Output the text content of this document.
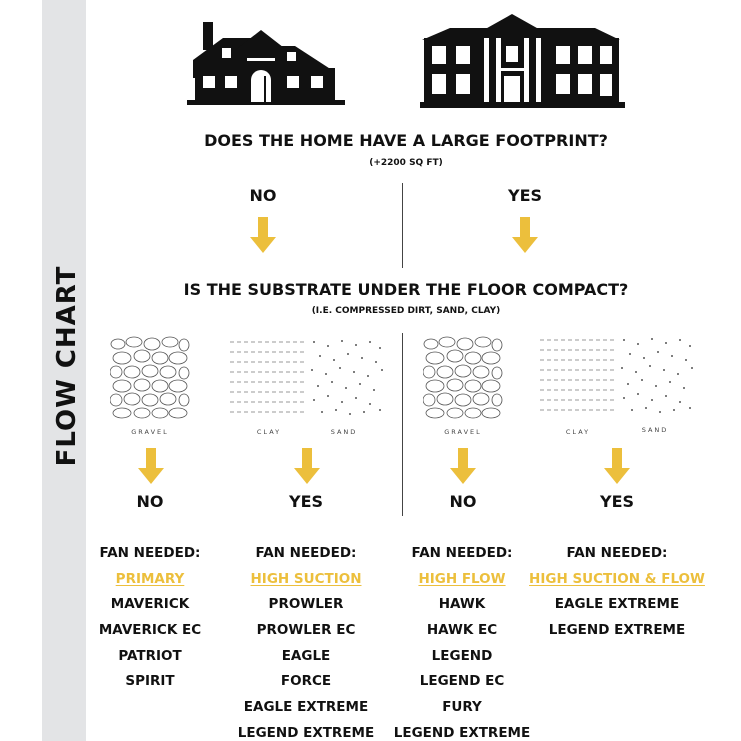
FLOW CHART
DOES THE HOME HAVE A LARGE FOOTPRINT?
(+2200 SQ FT)
NO	YES
IS THE SUBSTRATE UNDER THE FLOOR COMPACT?
(I.E. COMPRESSED DIRT, SAND, CLAY)
GRAVEL	CLAY	SAND	GRAVEL	CLAY	SAND
NO	YES	NO	YES
FAN NEEDED:
PRIMARY
MAVERICK
MAVERICK EC
PATRIOT
SPIRIT
FAN NEEDED:
HIGH SUCTION
PROWLER
PROWLER EC
EAGLE
FORCE
EAGLE EXTREME
LEGEND EXTREME
FAN NEEDED:
HIGH FLOW
HAWK
HAWK EC
LEGEND
LEGEND EC
FURY
LEGEND EXTREME
FAN NEEDED:
HIGH SUCTION & FLOW
EAGLE EXTREME
LEGEND EXTREME
